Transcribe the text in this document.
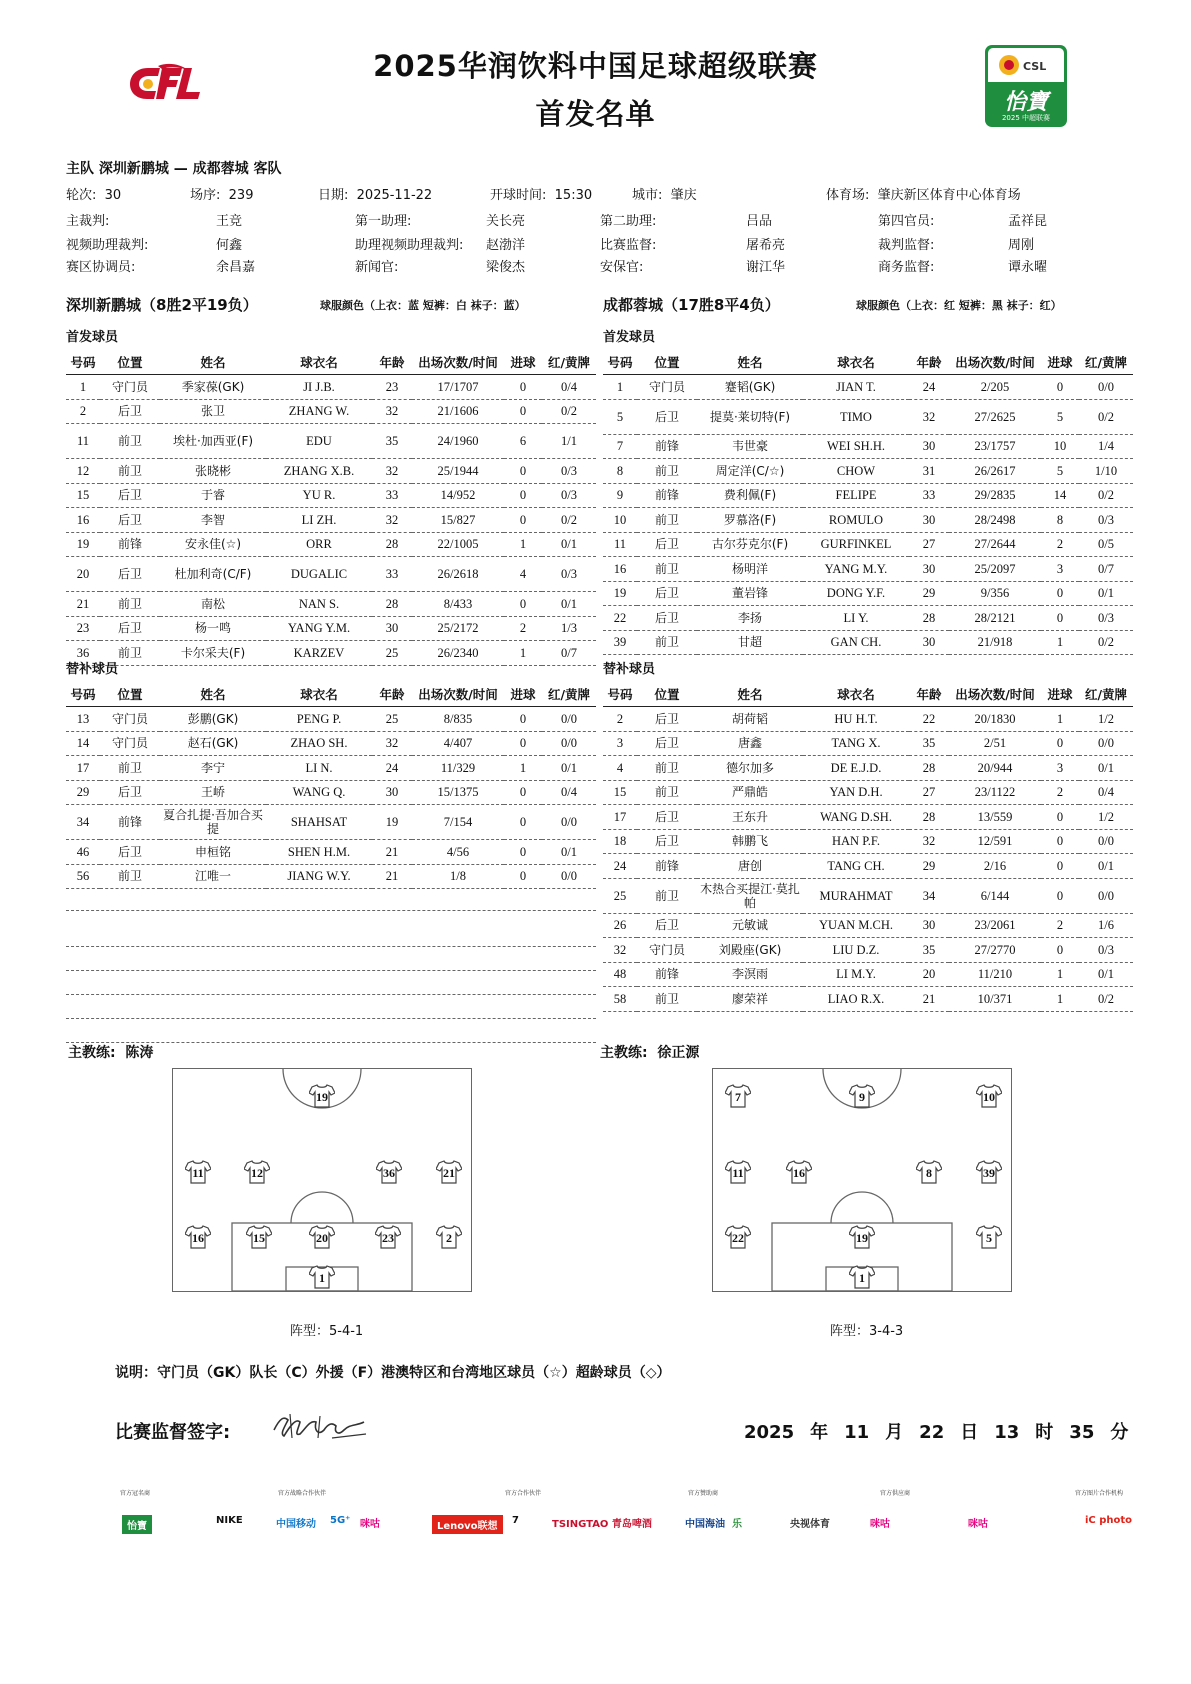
2025华润饮料中国足球超级联赛
首发名单
CSL
怡寶
2025 中超联赛
主队 深圳新鹏城 — 成都蓉城 客队
轮次: 30	场序: 239	日期: 2025-11-22	开球时间: 15:30	城市: 肇庆	体育场: 肇庆新区体育中心体育场
主裁判:	王竞	第一助理:	关长亮	第二助理:	吕品	第四官员:	孟祥昆
视频助理裁判:	何鑫	助理视频助理裁判: 赵渤洋	比赛监督:	屠希亮	裁判监督:	周刚
赛区协调员:	余昌嘉	新闻官:	梁俊杰	安保官:	谢江华	商务监督:	谭永曜
深圳新鹏城（8胜2平19负）	球服颜色（上衣：蓝 短裤：白 袜子：蓝）	成都蓉城（17胜8平4负）	球服颜色（上衣：红 短裤：黑 袜子：红）
首发球员	首发球员
号码	位置	姓名	球衣名	年龄	出场次数/时间	进球	红/黄牌
1	守门员	季家葆(GK)	JI J.B.	23	17/1707	0	0/4
2	后卫	张卫	ZHANG W.	32	21/1606	0	0/2
11	前卫	埃杜·加西亚(F)	EDU	35	24/1960	6	1/1
12	前卫	张晓彬	ZHANG X.B.	32	25/1944	0	0/3
15	后卫	于睿	YU R.	33	14/952	0	0/3
16	后卫	李智	LI ZH.	32	15/827	0	0/2
19	前锋	安永佳(☆)	ORR	28	22/1005	1	0/1
20	后卫	杜加利奇(C/F)	DUGALIC	33	26/2618	4	0/3
21	前卫	南松	NAN S.	28	8/433	0	0/1
23	后卫	杨一鸣	YANG Y.M.	30	25/2172	2	1/3
36	前卫	卡尔采夫(F)	KARZEV	25	26/2340	1	0/7
号码	位置	姓名	球衣名	年龄	出场次数/时间	进球	红/黄牌
1	守门员	蹇韬(GK)	JIAN T.	24	2/205	0	0/0
5	后卫	提莫·莱切特(F)	TIMO	32	27/2625	5	0/2
7	前锋	韦世豪	WEI SH.H.	30	23/1757	10	1/4
8	前卫	周定洋(C/☆)	CHOW	31	26/2617	5	1/10
9	前锋	费利佩(F)	FELIPE	33	29/2835	14	0/2
10	前卫	罗慕洛(F)	ROMULO	30	28/2498	8	0/3
11	后卫	古尔芬克尔(F)	GURFINKEL	27	27/2644	2	0/5
16	前卫	杨明洋	YANG M.Y.	30	25/2097	3	0/7
19	后卫	董岩锋	DONG Y.F.	29	9/356	0	0/1
22	后卫	李扬	LI Y.	28	28/2121	0	0/3
39	前卫	甘超	GAN CH.	30	21/918	1	0/2
替补球员	替补球员
号码	位置	姓名	球衣名	年龄	出场次数/时间	进球	红/黄牌
13	守门员	彭鹏(GK)	PENG P.	25	8/835	0	0/0
14	守门员	赵石(GK)	ZHAO SH.	32	4/407	0	0/0
17	前卫	李宁	LI N.	24	11/329	1	0/1
29	后卫	王峤	WANG Q.	30	15/1375	0	0/4
34	前锋	夏合扎提·吾加合买提	SHAHSAT	19	7/154	0	0/0
46	后卫	申桓铭	SHEN H.M.	21	4/56	0	0/1
56	前卫	江唯一	JIANG W.Y.	21	1/8	0	0/0
号码	位置	姓名	球衣名	年龄	出场次数/时间	进球	红/黄牌
2	后卫	胡荷韬	HU H.T.	22	20/1830	1	1/2
3	后卫	唐鑫	TANG X.	35	2/51	0	0/0
4	前卫	德尔加多	DE E.J.D.	28	20/944	3	0/1
15	前卫	严鼎皓	YAN D.H.	27	23/1122	2	0/4
17	后卫	王东升	WANG D.SH.	28	13/559	0	1/2
18	后卫	韩鹏飞	HAN P.F.	32	12/591	0	0/0
24	前锋	唐创	TANG CH.	29	2/16	0	0/1
25	前卫	木热合买提江·莫扎帕	MURAHMAT	34	6/144	0	0/0
26	后卫	元敏诚	YUAN M.CH.	30	23/2061	2	1/6
32	守门员	刘殿座(GK)	LIU D.Z.	35	27/2770	0	0/3
48	前锋	李溟雨	LI M.Y.	20	11/210	1	0/1
58	前卫	廖荣祥	LIAO R.X.	21	10/371	1	0/2
主教练: 陈涛	主教练: 徐正源
19
11	12	36	21
16	15	20	23	2
1
7	9	10
11	16	8	39
22	19	5
1
阵型：5-4-1	阵型：3-4-3
说明：守门员（GK）队长（C）外援（F）港澳特区和台湾地区球员（☆）超龄球员（◇）
比赛监督签字:	2025 年 11 月 22 日 13 时 35 分
官方冠名商	官方战略合作伙伴	官方合作伙伴	官方赞助商	官方供应商	官方图片合作机构
怡寶
NIKE	中国移动 5G⁺ 咪咕	Lenovo联想
7	TSINGTAO 青岛啤酒	中国海油 乐	央视体育	咪咕	咪咕	iC photo
